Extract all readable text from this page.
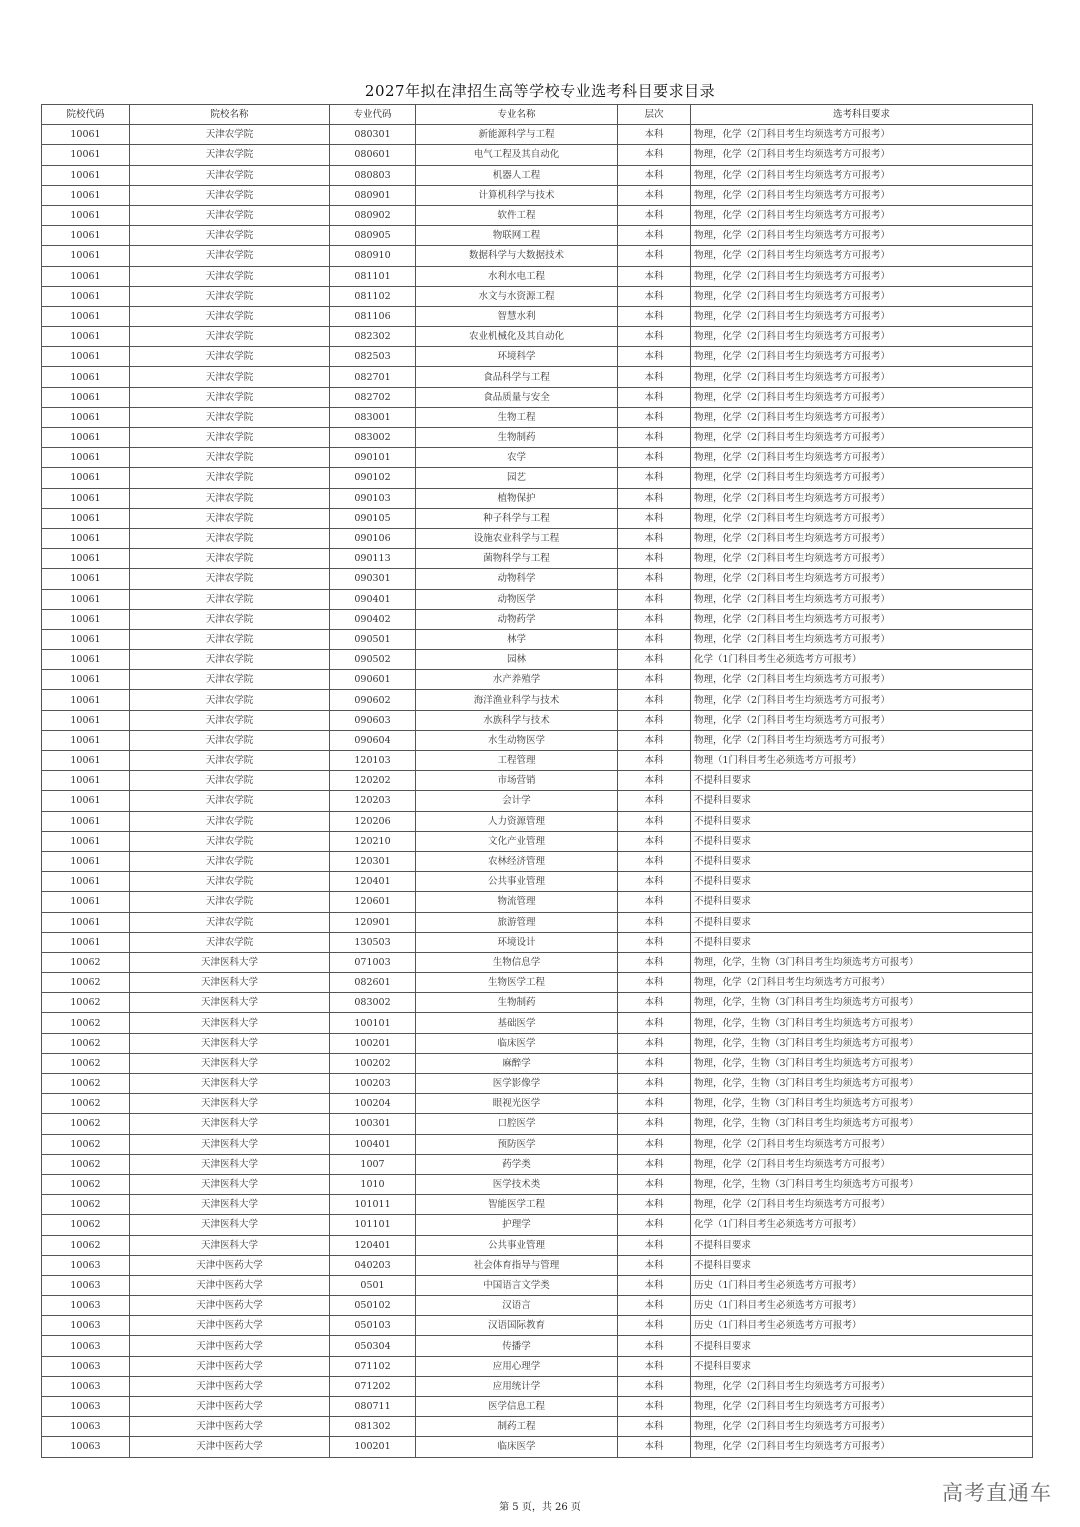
2027年拟在津招生高等学校专业选考科目要求目录
院校代码	院校名称	专业代码	专业名称	层次	选考科目要求
10061	天津农学院	080301	新能源科学与工程	本科	物理，化学（2门科目考生均须选考方可报考）
10061	天津农学院	080601	电气工程及其自动化	本科	物理，化学（2门科目考生均须选考方可报考）
10061	天津农学院	080803	机器人工程	本科	物理，化学（2门科目考生均须选考方可报考）
10061	天津农学院	080901	计算机科学与技术	本科	物理，化学（2门科目考生均须选考方可报考）
10061	天津农学院	080902	软件工程	本科	物理，化学（2门科目考生均须选考方可报考）
10061	天津农学院	080905	物联网工程	本科	物理，化学（2门科目考生均须选考方可报考）
10061	天津农学院	080910	数据科学与大数据技术	本科	物理，化学（2门科目考生均须选考方可报考）
10061	天津农学院	081101	水利水电工程	本科	物理，化学（2门科目考生均须选考方可报考）
10061	天津农学院	081102	水文与水资源工程	本科	物理，化学（2门科目考生均须选考方可报考）
10061	天津农学院	081106	智慧水利	本科	物理，化学（2门科目考生均须选考方可报考）
10061	天津农学院	082302	农业机械化及其自动化	本科	物理，化学（2门科目考生均须选考方可报考）
10061	天津农学院	082503	环境科学	本科	物理，化学（2门科目考生均须选考方可报考）
10061	天津农学院	082701	食品科学与工程	本科	物理，化学（2门科目考生均须选考方可报考）
10061	天津农学院	082702	食品质量与安全	本科	物理，化学（2门科目考生均须选考方可报考）
10061	天津农学院	083001	生物工程	本科	物理，化学（2门科目考生均须选考方可报考）
10061	天津农学院	083002	生物制药	本科	物理，化学（2门科目考生均须选考方可报考）
10061	天津农学院	090101	农学	本科	物理，化学（2门科目考生均须选考方可报考）
10061	天津农学院	090102	园艺	本科	物理，化学（2门科目考生均须选考方可报考）
10061	天津农学院	090103	植物保护	本科	物理，化学（2门科目考生均须选考方可报考）
10061	天津农学院	090105	种子科学与工程	本科	物理，化学（2门科目考生均须选考方可报考）
10061	天津农学院	090106	设施农业科学与工程	本科	物理，化学（2门科目考生均须选考方可报考）
10061	天津农学院	090113	菌物科学与工程	本科	物理，化学（2门科目考生均须选考方可报考）
10061	天津农学院	090301	动物科学	本科	物理，化学（2门科目考生均须选考方可报考）
10061	天津农学院	090401	动物医学	本科	物理，化学（2门科目考生均须选考方可报考）
10061	天津农学院	090402	动物药学	本科	物理，化学（2门科目考生均须选考方可报考）
10061	天津农学院	090501	林学	本科	物理，化学（2门科目考生均须选考方可报考）
10061	天津农学院	090502	园林	本科	化学（1门科目考生必须选考方可报考）
10061	天津农学院	090601	水产养殖学	本科	物理，化学（2门科目考生均须选考方可报考）
10061	天津农学院	090602	海洋渔业科学与技术	本科	物理，化学（2门科目考生均须选考方可报考）
10061	天津农学院	090603	水族科学与技术	本科	物理，化学（2门科目考生均须选考方可报考）
10061	天津农学院	090604	水生动物医学	本科	物理，化学（2门科目考生均须选考方可报考）
10061	天津农学院	120103	工程管理	本科	物理（1门科目考生必须选考方可报考）
10061	天津农学院	120202	市场营销	本科	不提科目要求
10061	天津农学院	120203	会计学	本科	不提科目要求
10061	天津农学院	120206	人力资源管理	本科	不提科目要求
10061	天津农学院	120210	文化产业管理	本科	不提科目要求
10061	天津农学院	120301	农林经济管理	本科	不提科目要求
10061	天津农学院	120401	公共事业管理	本科	不提科目要求
10061	天津农学院	120601	物流管理	本科	不提科目要求
10061	天津农学院	120901	旅游管理	本科	不提科目要求
10061	天津农学院	130503	环境设计	本科	不提科目要求
10062	天津医科大学	071003	生物信息学	本科	物理，化学，生物（3门科目考生均须选考方可报考）
10062	天津医科大学	082601	生物医学工程	本科	物理，化学（2门科目考生均须选考方可报考）
10062	天津医科大学	083002	生物制药	本科	物理，化学，生物（3门科目考生均须选考方可报考）
10062	天津医科大学	100101	基础医学	本科	物理，化学，生物（3门科目考生均须选考方可报考）
10062	天津医科大学	100201	临床医学	本科	物理，化学，生物（3门科目考生均须选考方可报考）
10062	天津医科大学	100202	麻醉学	本科	物理，化学，生物（3门科目考生均须选考方可报考）
10062	天津医科大学	100203	医学影像学	本科	物理，化学，生物（3门科目考生均须选考方可报考）
10062	天津医科大学	100204	眼视光医学	本科	物理，化学，生物（3门科目考生均须选考方可报考）
10062	天津医科大学	100301	口腔医学	本科	物理，化学，生物（3门科目考生均须选考方可报考）
10062	天津医科大学	100401	预防医学	本科	物理，化学（2门科目考生均须选考方可报考）
10062	天津医科大学	1007	药学类	本科	物理，化学（2门科目考生均须选考方可报考）
10062	天津医科大学	1010	医学技术类	本科	物理，化学，生物（3门科目考生均须选考方可报考）
10062	天津医科大学	101011	智能医学工程	本科	物理，化学（2门科目考生均须选考方可报考）
10062	天津医科大学	101101	护理学	本科	化学（1门科目考生必须选考方可报考）
10062	天津医科大学	120401	公共事业管理	本科	不提科目要求
10063	天津中医药大学	040203	社会体育指导与管理	本科	不提科目要求
10063	天津中医药大学	0501	中国语言文学类	本科	历史（1门科目考生必须选考方可报考）
10063	天津中医药大学	050102	汉语言	本科	历史（1门科目考生必须选考方可报考）
10063	天津中医药大学	050103	汉语国际教育	本科	历史（1门科目考生必须选考方可报考）
10063	天津中医药大学	050304	传播学	本科	不提科目要求
10063	天津中医药大学	071102	应用心理学	本科	不提科目要求
10063	天津中医药大学	071202	应用统计学	本科	物理，化学（2门科目考生均须选考方可报考）
10063	天津中医药大学	080711	医学信息工程	本科	物理，化学（2门科目考生均须选考方可报考）
10063	天津中医药大学	081302	制药工程	本科	物理，化学（2门科目考生均须选考方可报考）
10063	天津中医药大学	100201	临床医学	本科	物理，化学（2门科目考生均须选考方可报考）
第 5 页，共 26 页
高考直通车
